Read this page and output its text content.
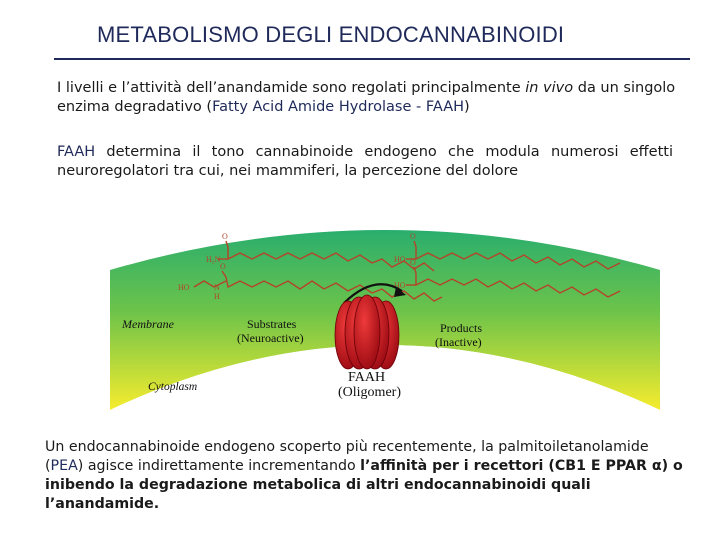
METABOLISMO DEGLI ENDOCANNABINOIDI
I livelli e l’attività dell’anandamide sono regolati principalmente in vivo da un singolo enzima degradativo (Fatty Acid Amide Hydrolase - FAAH)
FAAH determina il tono cannabinoide endogeno che modula numerosi effetti neuroregolatori tra cui, nei mammiferi, la percezione del dolore
O
H₂N
O
HO	N
H
O
HO O
HO
Membrane
Cytoplasm
Substrates
(Neuroactive)
Products
(Inactive)
FAAH
(Oligomer)
Un endocannabinoide endogeno scoperto più recentemente, la palmitoiletanolamide (PEA) agisce indirettamente incrementando l’affinità per i recettori (CB1 E PPAR α) o inibendo la degradazione metabolica di altri endocannabinoidi quali l’anandamide.
